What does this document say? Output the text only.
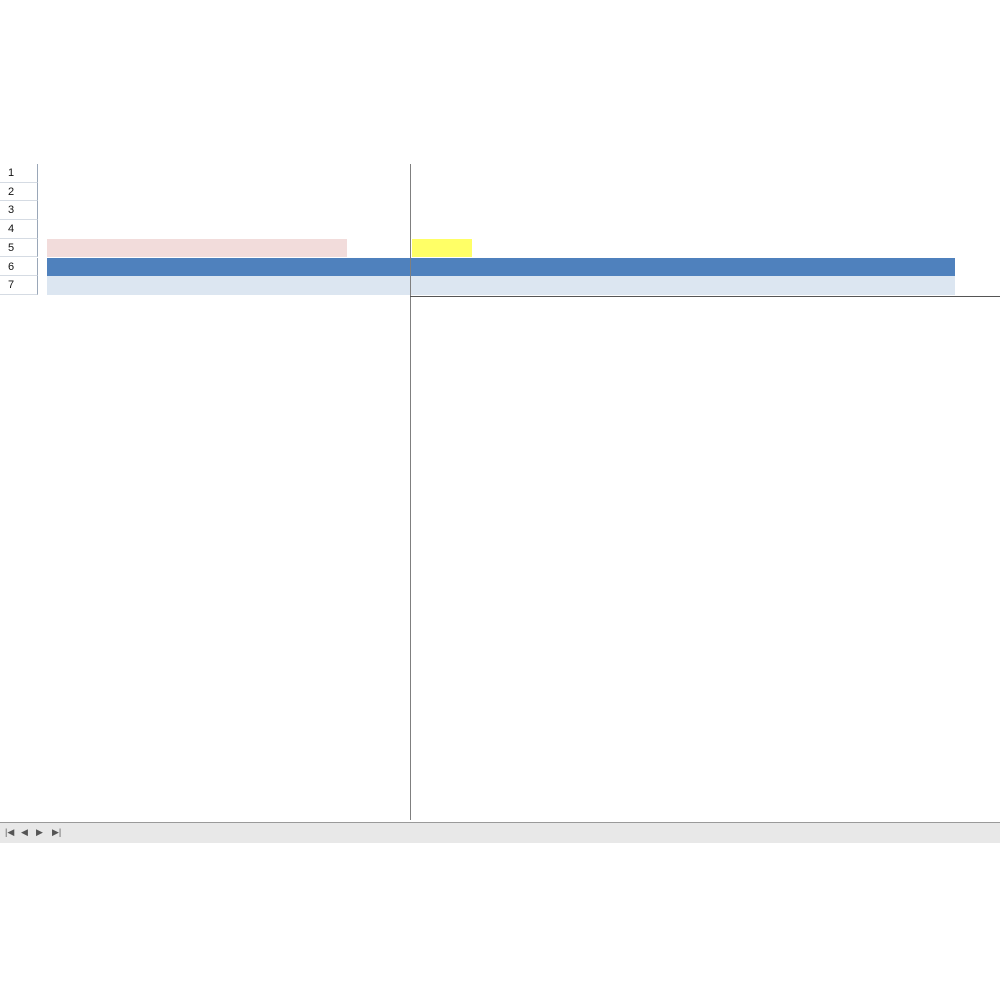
1
2
3
4
5
6
7
|◀ ◀ ▶ ▶|
